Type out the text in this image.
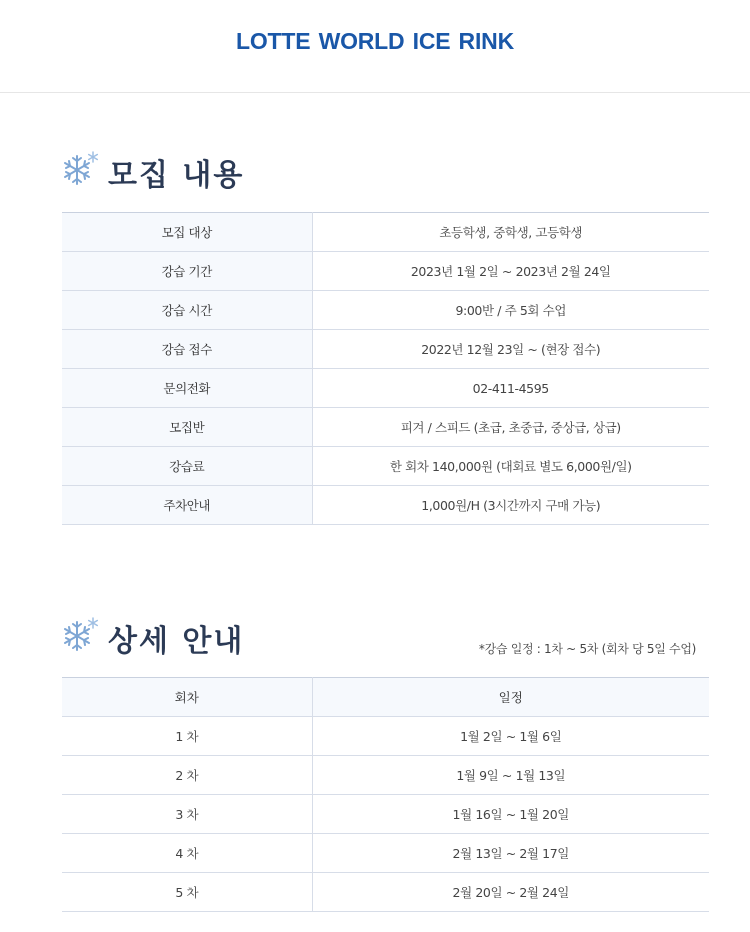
LOTTE WORLD ICE RINK
모집 내용
모집 대상	초등학생, 중학생, 고등학생
강습 기간	2023년 1월 2일 ~ 2023년 2월 24일
강습 시간	9:00반 / 주 5회 수업
강습 접수	2022년 12월 23일 ~ (현장 접수)
문의전화	02-411-4595
모집반	피겨 / 스피드 (초급, 초중급, 중상급, 상급)
강습료	한 회차 140,000원 (대회료 별도 6,000원/일)
주차안내	1,000원/H (3시간까지 구매 가능)
상세 안내	*강습 일정 : 1차 ~ 5차 (회차 당 5일 수업)
회차	일정
1 차	1월 2일 ~ 1월 6일
2 차	1월 9일 ~ 1월 13일
3 차	1월 16일 ~ 1월 20일
4 차	2월 13일 ~ 2월 17일
5 차	2월 20일 ~ 2월 24일
